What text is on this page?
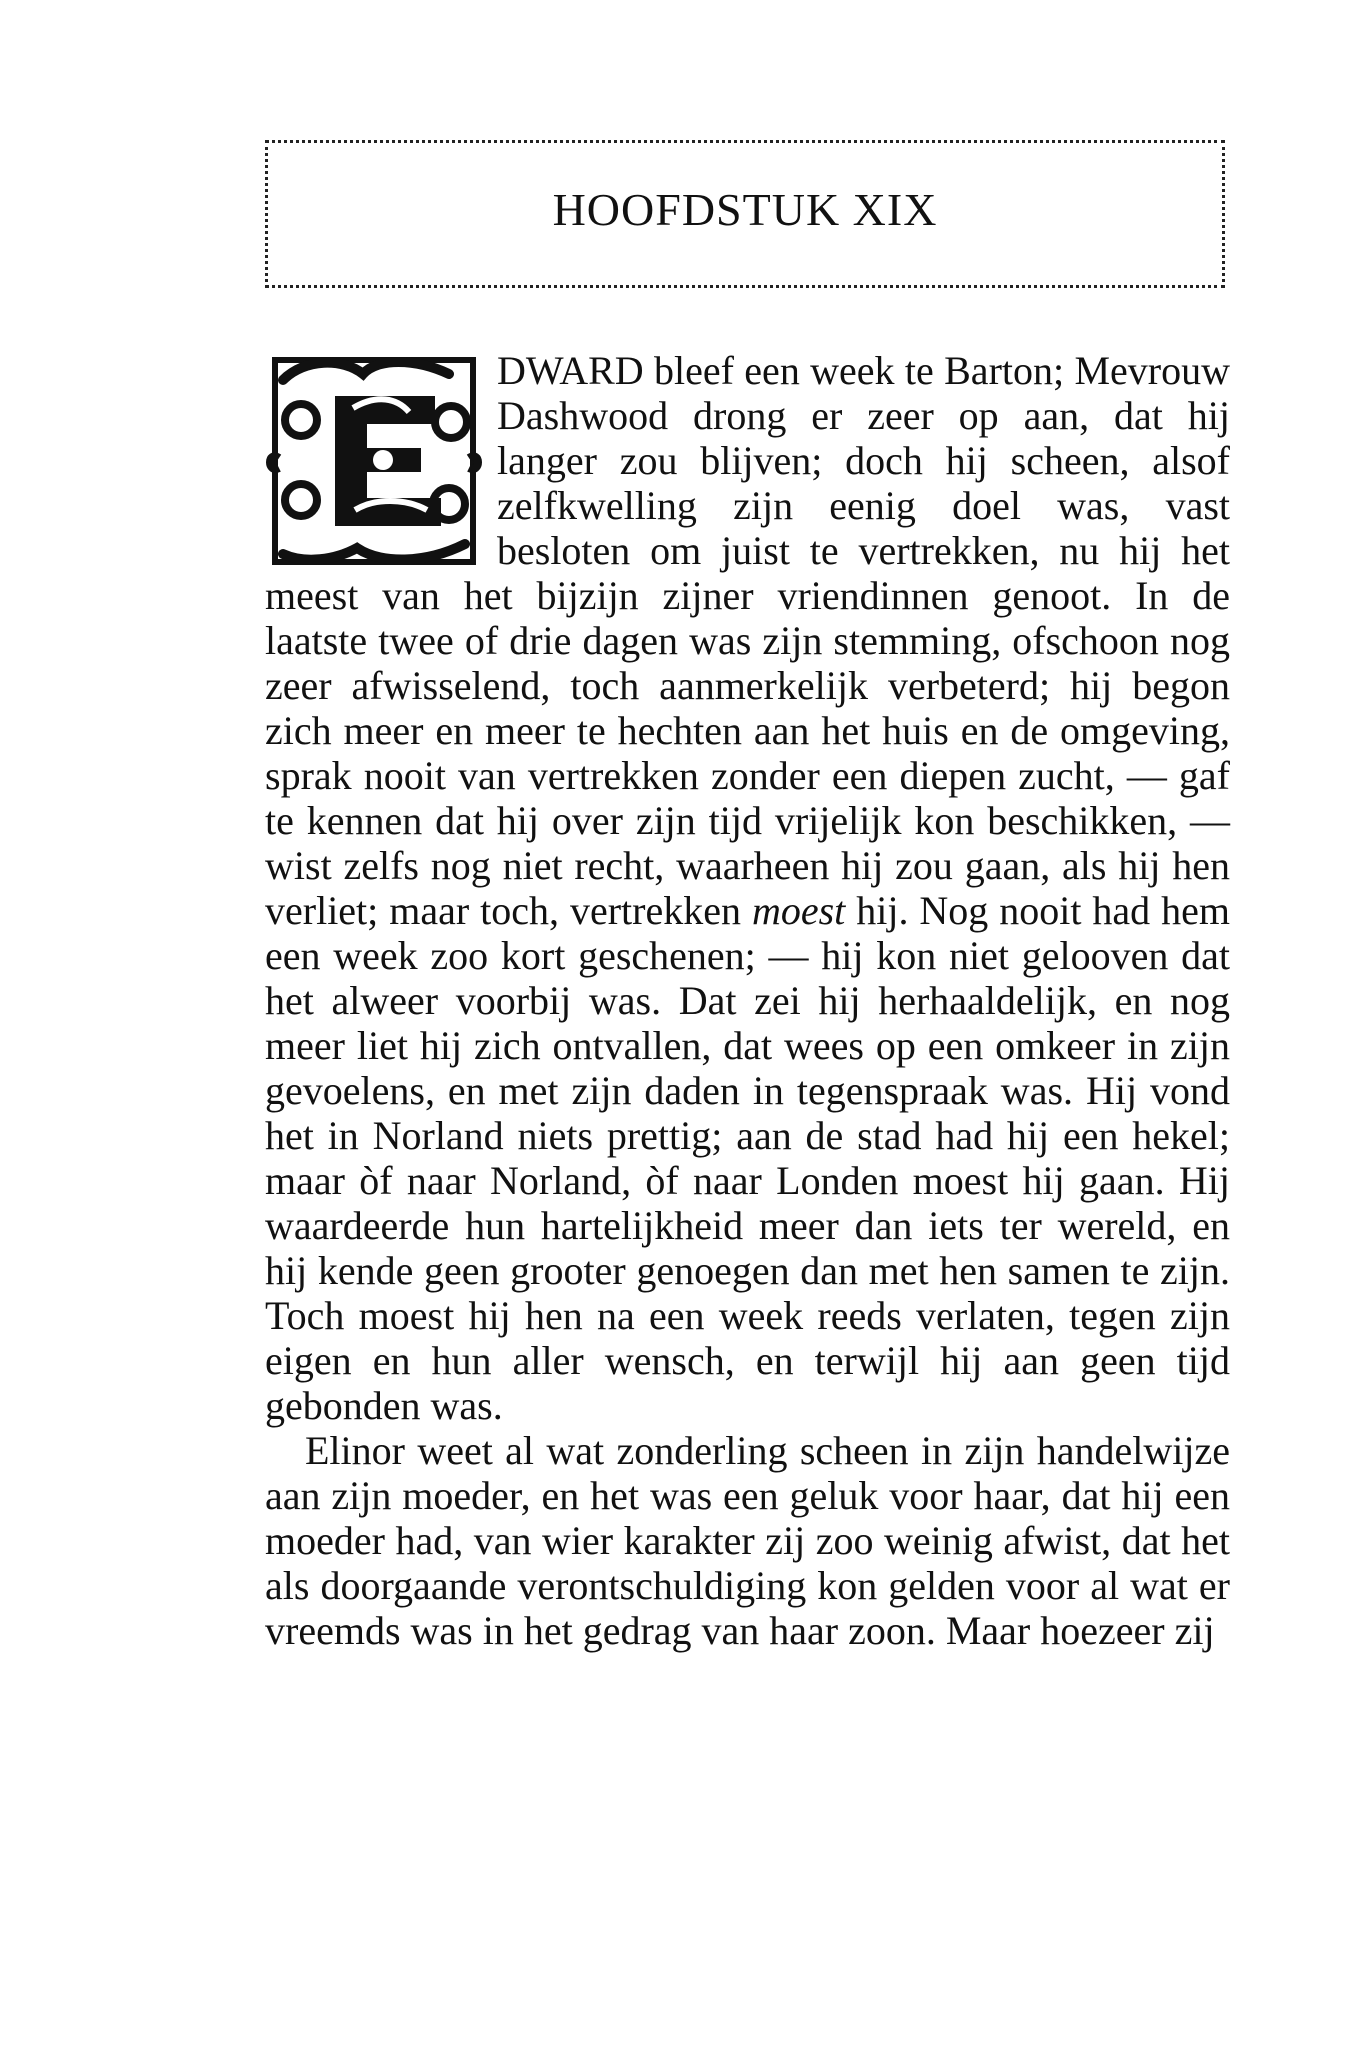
HOOFDSTUK XIX

DWARD bleef een week te Barton; Mevrouw Dashwood drong er zeer op aan, dat hij langer zou blijven; doch hij scheen, alsof zelfkwelling zijn eenig doel was, vast besloten om juist te vertrekken, nu hij het meest van het bijzijn zijner vriendinnen genoot. In de laatste twee of drie dagen was zijn stemming, ofschoon nog zeer afwisselend, toch aanmerkelijk verbeterd; hij begon zich meer en meer te hechten aan het huis en de omgeving, sprak nooit van vertrekken zonder een diepen zucht, — gaf te kennen dat hij over zijn tijd vrijelijk kon beschikken, — wist zelfs nog niet recht, waarheen hij zou gaan, als hij hen verliet; maar toch, vertrekken moest hij. Nog nooit had hem een week zoo kort geschenen; — hij kon niet gelooven dat het alweer voorbij was. Dat zei hij herhaaldelijk, en nog meer liet hij zich ontvallen, dat wees op een omkeer in zijn gevoelens, en met zijn daden in tegenspraak was. Hij vond het in Norland niets prettig; aan de stad had hij een hekel; maar òf naar Norland, òf naar Londen moest hij gaan. Hij waardeerde hun hartelijkheid meer dan iets ter wereld, en hij kende geen grooter genoegen dan met hen samen te zijn. Toch moest hij hen na een week reeds verlaten, tegen zijn eigen en hun aller wensch, en terwijl hij aan geen tijd gebonden was.

Elinor weet al wat zonderling scheen in zijn handelwijze aan zijn moeder, en het was een geluk voor haar, dat hij een moeder had, van wier karakter zij zoo weinig afwist, dat het als doorgaande verontschuldiging kon gelden voor al wat er vreemds was in het gedrag van haar zoon. Maar hoezeer zij
